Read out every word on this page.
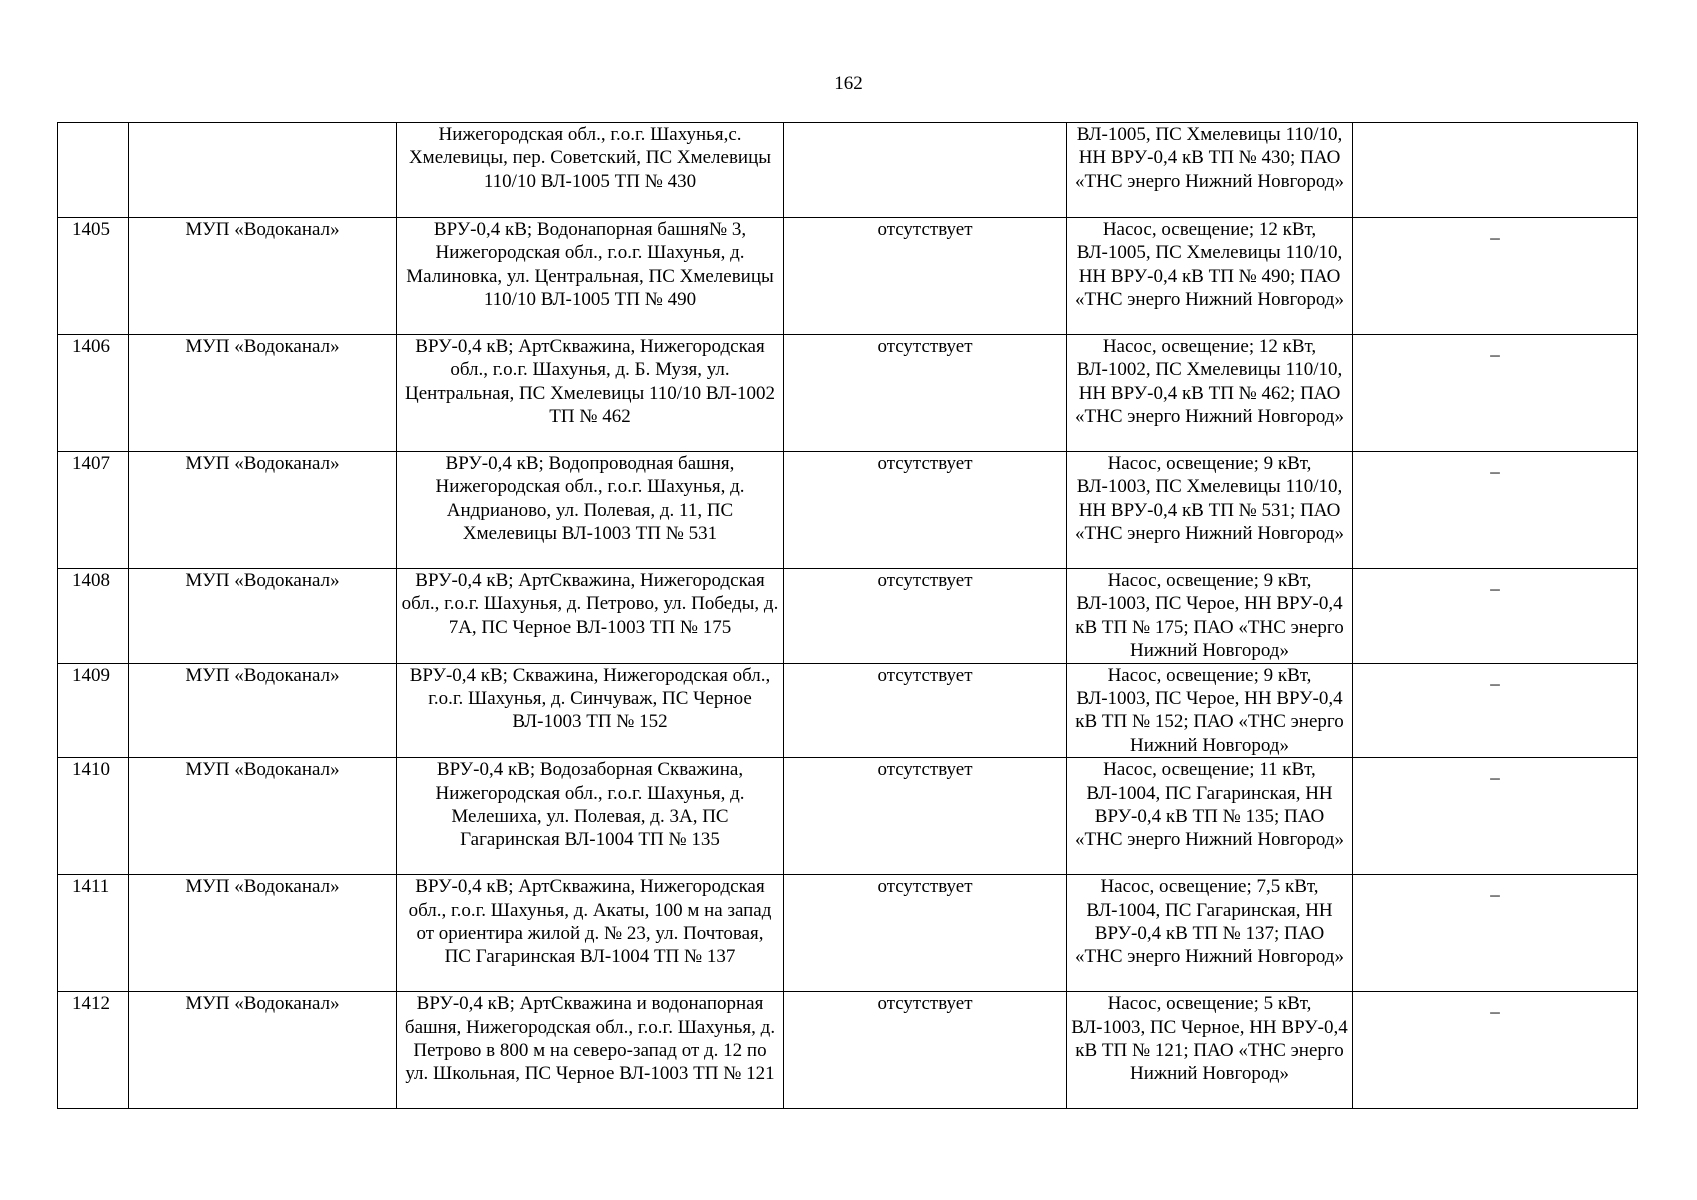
162
		Нижегородская обл., г.о.г. Шахунья,с. Хмелевицы, пер. Советский, ПС Хмелевицы 110/10 ВЛ-1005 ТП № 430		ВЛ-1005, ПС Хмелевицы 110/10, НН ВРУ-0,4 кВ ТП № 430; ПАО «ТНС энерго Нижний Новгород»	
1405	МУП «Водоканал»	ВРУ-0,4 кВ; Водонапорная башня№ 3, Нижегородская обл., г.о.г. Шахунья, д. Малиновка, ул. Центральная, ПС Хмелевицы 110/10 ВЛ-1005 ТП № 490	отсутствует	Насос, освещение; 12 кВт, ВЛ-1005, ПС Хмелевицы 110/10, НН ВРУ-0,4 кВ ТП № 490; ПАО «ТНС энерго Нижний Новгород»	_
1406	МУП «Водоканал»	ВРУ-0,4 кВ; АртСкважина, Нижегородская обл., г.о.г. Шахунья, д. Б. Музя, ул. Центральная, ПС Хмелевицы 110/10 ВЛ-1002 ТП № 462	отсутствует	Насос, освещение; 12 кВт, ВЛ-1002, ПС Хмелевицы 110/10, НН ВРУ-0,4 кВ ТП № 462; ПАО «ТНС энерго Нижний Новгород»	_
1407	МУП «Водоканал»	ВРУ-0,4 кВ; Водопроводная башня, Нижегородская обл., г.о.г. Шахунья, д. Андрианово, ул. Полевая, д. 11, ПС Хмелевицы ВЛ-1003 ТП № 531	отсутствует	Насос, освещение; 9 кВт, ВЛ-1003, ПС Хмелевицы 110/10, НН ВРУ-0,4 кВ ТП № 531; ПАО «ТНС энерго Нижний Новгород»	_
1408	МУП «Водоканал»	ВРУ-0,4 кВ; АртСкважина, Нижегородская обл., г.о.г. Шахунья, д. Петрово, ул. Победы, д. 7А, ПС Черное ВЛ-1003 ТП № 175	отсутствует	Насос, освещение; 9 кВт, ВЛ-1003, ПС Черое, НН ВРУ-0,4 кВ ТП № 175; ПАО «ТНС энерго Нижний Новгород»	_
1409	МУП «Водоканал»	ВРУ-0,4 кВ; Скважина, Нижегородская обл., г.о.г. Шахунья, д. Синчуваж, ПС Черное ВЛ-1003 ТП № 152	отсутствует	Насос, освещение; 9 кВт, ВЛ-1003, ПС Черое, НН ВРУ-0,4 кВ ТП № 152; ПАО «ТНС энерго Нижний Новгород»	_
1410	МУП «Водоканал»	ВРУ-0,4 кВ; Водозаборная Скважина, Нижегородская обл., г.о.г. Шахунья, д. Мелешиха, ул. Полевая, д. 3А, ПС Гагаринская ВЛ-1004 ТП № 135	отсутствует	Насос, освещение; 11 кВт, ВЛ-1004, ПС Гагаринская, НН ВРУ-0,4 кВ ТП № 135; ПАО «ТНС энерго Нижний Новгород»	_
1411	МУП «Водоканал»	ВРУ-0,4 кВ; АртСкважина, Нижегородская обл., г.о.г. Шахунья, д. Акаты, 100 м на запад от ориентира жилой д. № 23, ул. Почтовая, ПС Гагаринская ВЛ-1004 ТП № 137	отсутствует	Насос, освещение; 7,5 кВт, ВЛ-1004, ПС Гагаринская, НН ВРУ-0,4 кВ ТП № 137; ПАО «ТНС энерго Нижний Новгород»	_
1412	МУП «Водоканал»	ВРУ-0,4 кВ; АртСкважина и водонапорная башня, Нижегородская обл., г.о.г. Шахунья, д. Петрово в 800 м на северо-запад от д. 12 по ул. Школьная, ПС Черное ВЛ-1003 ТП № 121	отсутствует	Насос, освещение; 5 кВт, ВЛ-1003, ПС Черное, НН ВРУ-0,4 кВ ТП № 121; ПАО «ТНС энерго Нижний Новгород»	_
